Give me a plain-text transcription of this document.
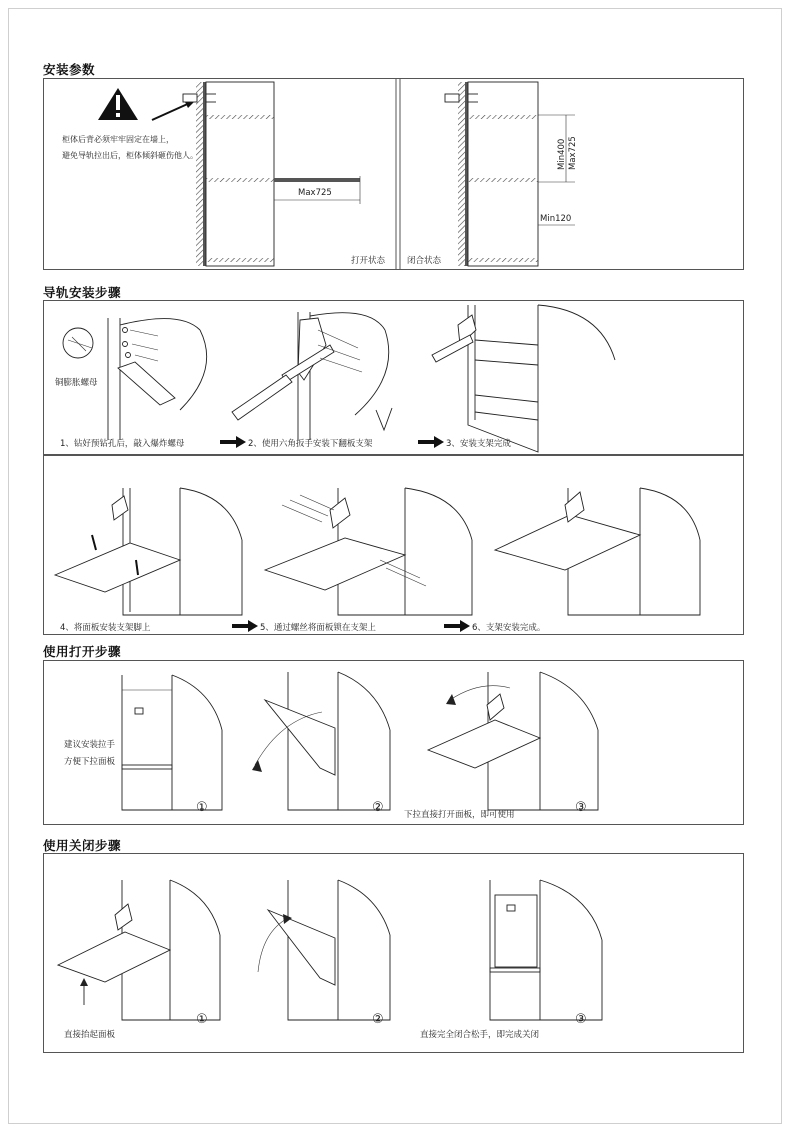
安装参数
柜体后背必须牢牢固定在墙上，
避免导轨拉出后，柜体倾斜砸伤他人。
Max725
打开状态	闭合状态
Min400 Max725
Min120
导轨安装步骤
铜膨胀螺母
1、钻好预钻孔后，敲入爆炸螺母	2、使用六角扳手安装下翻板支架	3、安装支架完成
4、将面板安装支架脚上	5、通过螺丝将面板锁在支架上	6、支架安装完成。
使用打开步骤
建议安装拉手
方便下拉面板
①	② 下拉直接打开面板，即可使用	③
使用关闭步骤
直接抬起面板
①	②
直接完全闭合松手，即完成关闭
③
